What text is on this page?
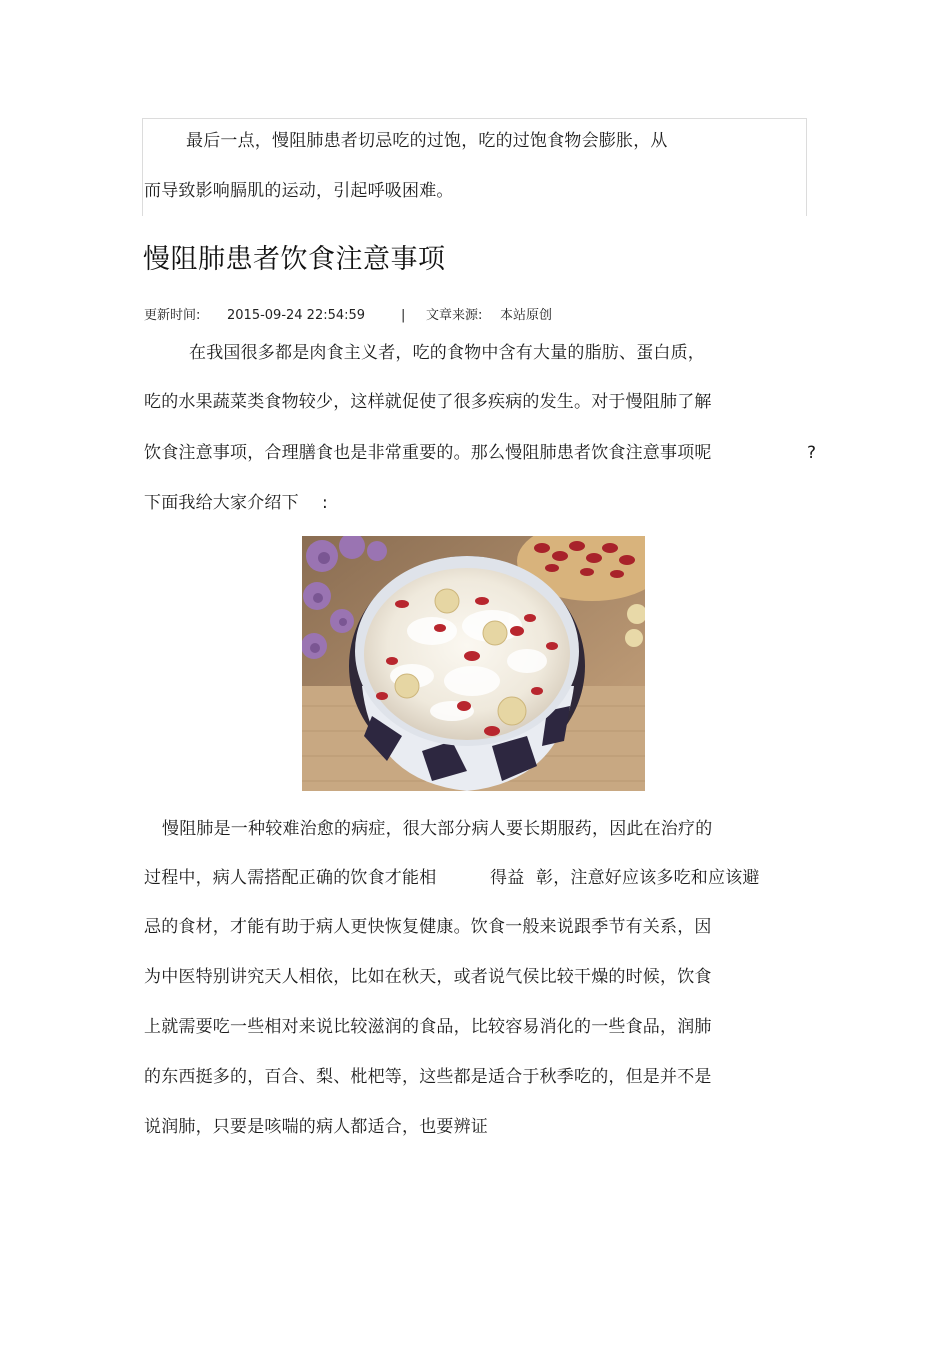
最后一点，慢阻肺患者切忌吃的过饱，吃的过饱食物会膨胀，从
而导致影响膈肌的运动，引起呼吸困难。
慢阻肺患者饮食注意事项
更新时间: 2015-09-24 22:54:59	| 文章来源: 本站原创
在我国很多都是肉食主义者，吃的食物中含有大量的脂肪、蛋白质，
吃的水果蔬菜类食物较少，这样就促使了很多疾病的发生。对于慢阻肺了解
饮食注意事项，合理膳食也是非常重要的。那么慢阻肺患者饮食注意事项呢	?
下面我给大家介绍下 :
慢阻肺是一种较难治愈的病症，很大部分病人要长期服药，因此在治疗的
过程中，病人需搭配正确的饮食才能相	得益 彰，注意好应该多吃和应该避
忌的食材，才能有助于病人更快恢复健康。饮食一般来说跟季节有关系，因
为中医特别讲究天人相依，比如在秋天，或者说气侯比较干燥的时候，饮食
上就需要吃一些相对来说比较滋润的食品，比较容易消化的一些食品，润肺
的东西挺多的，百合、梨、枇杷等，这些都是适合于秋季吃的，但是并不是
说润肺，只要是咳喘的病人都适合，也要辨证
